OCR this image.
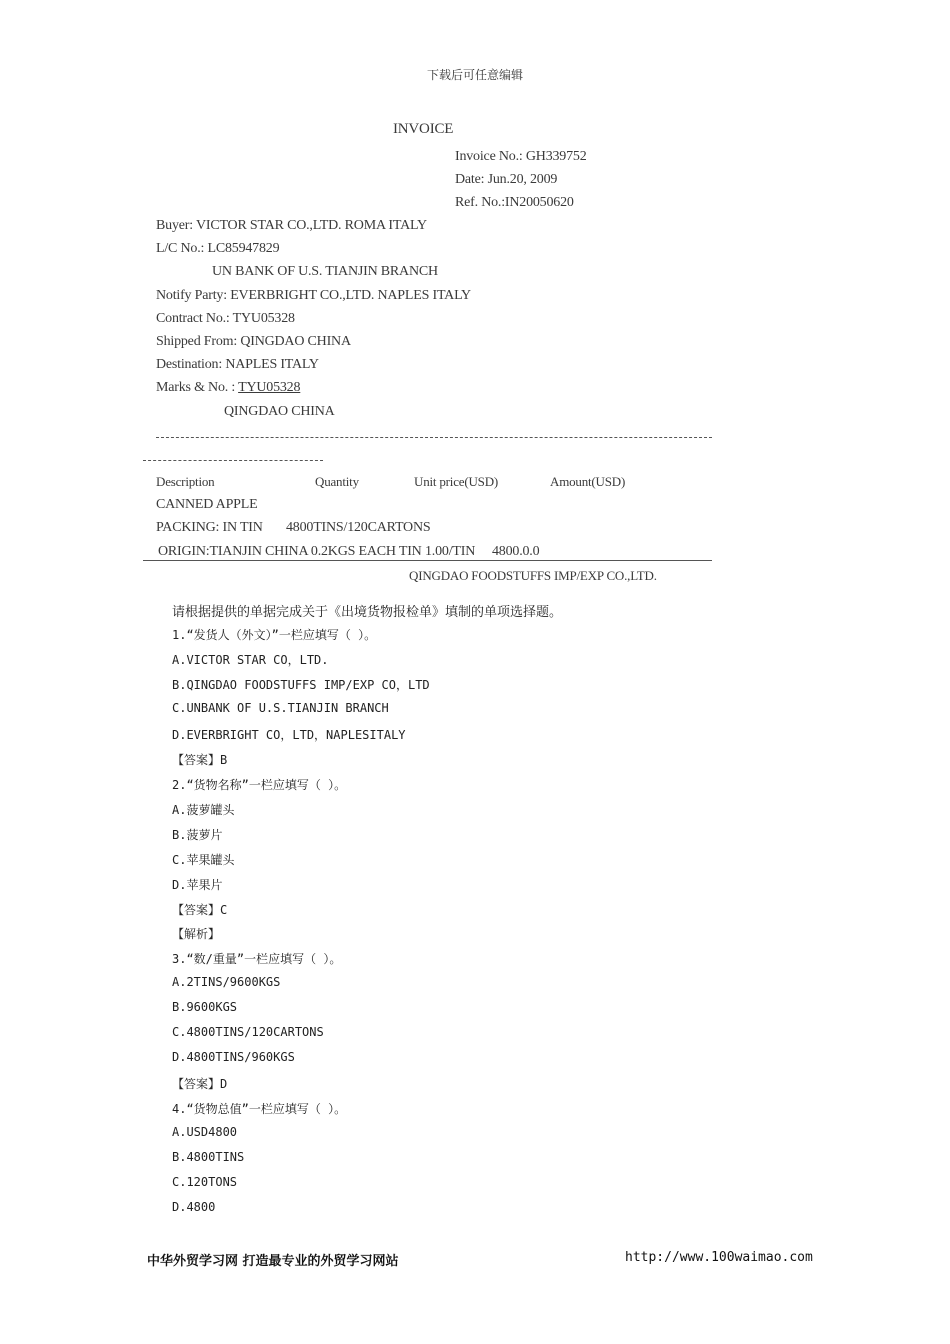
下载后可任意编辑
INVOICE
Invoice No.: GH339752
Date: Jun.20, 2009
Ref. No.:IN20050620
Buyer: VICTOR STAR CO.,LTD. ROMA ITALY
L/C No.: LC85947829
UN BANK OF U.S. TIANJIN BRANCH
Notify Party: EVERBRIGHT CO.,LTD. NAPLES ITALY
Contract No.: TYU05328
Shipped From: QINGDAO CHINA
Destination: NAPLES ITALY
Marks & No. : TYU05328
QINGDAO CHINA
Description	Quantity	Unit price(USD)	Amount(USD)
CANNED APPLE
PACKING: IN TIN 4800TINS/120CARTONS
ORIGIN:TIANJIN CHINA 0.2KGS EACH TIN 1.00/TIN 4800.0.0
QINGDAO FOODSTUFFS IMP/EXP CO.,LTD.
请根据提供的单据完成关于《出境货物报检单》填制的单项选择题。
1.“发货人（外文）”一栏应填写（ ）。
A.VICTOR STAR CO，LTD.
B.QINGDAO FOODSTUFFS IMP/EXP CO，LTD
C.UNBANK OF U.S.TIANJIN BRANCH
D.EVERBRIGHT CO，LTD，NAPLESITALY
【答案】B
2.“货物名称”一栏应填写（ ）。
A.菠萝罐头
B.菠萝片
C.苹果罐头
D.苹果片
【答案】C
【解析】
3.“数/重量”一栏应填写（ ）。
A.2TINS/9600KGS
B.9600KGS
C.4800TINS/120CARTONS
D.4800TINS/960KGS
【答案】D
4.“货物总值”一栏应填写（ ）。
A.USD4800
B.4800TINS
C.120TONS
D.4800
中华外贸学习网 打造最专业的外贸学习网站	http://www.100waimao.com
